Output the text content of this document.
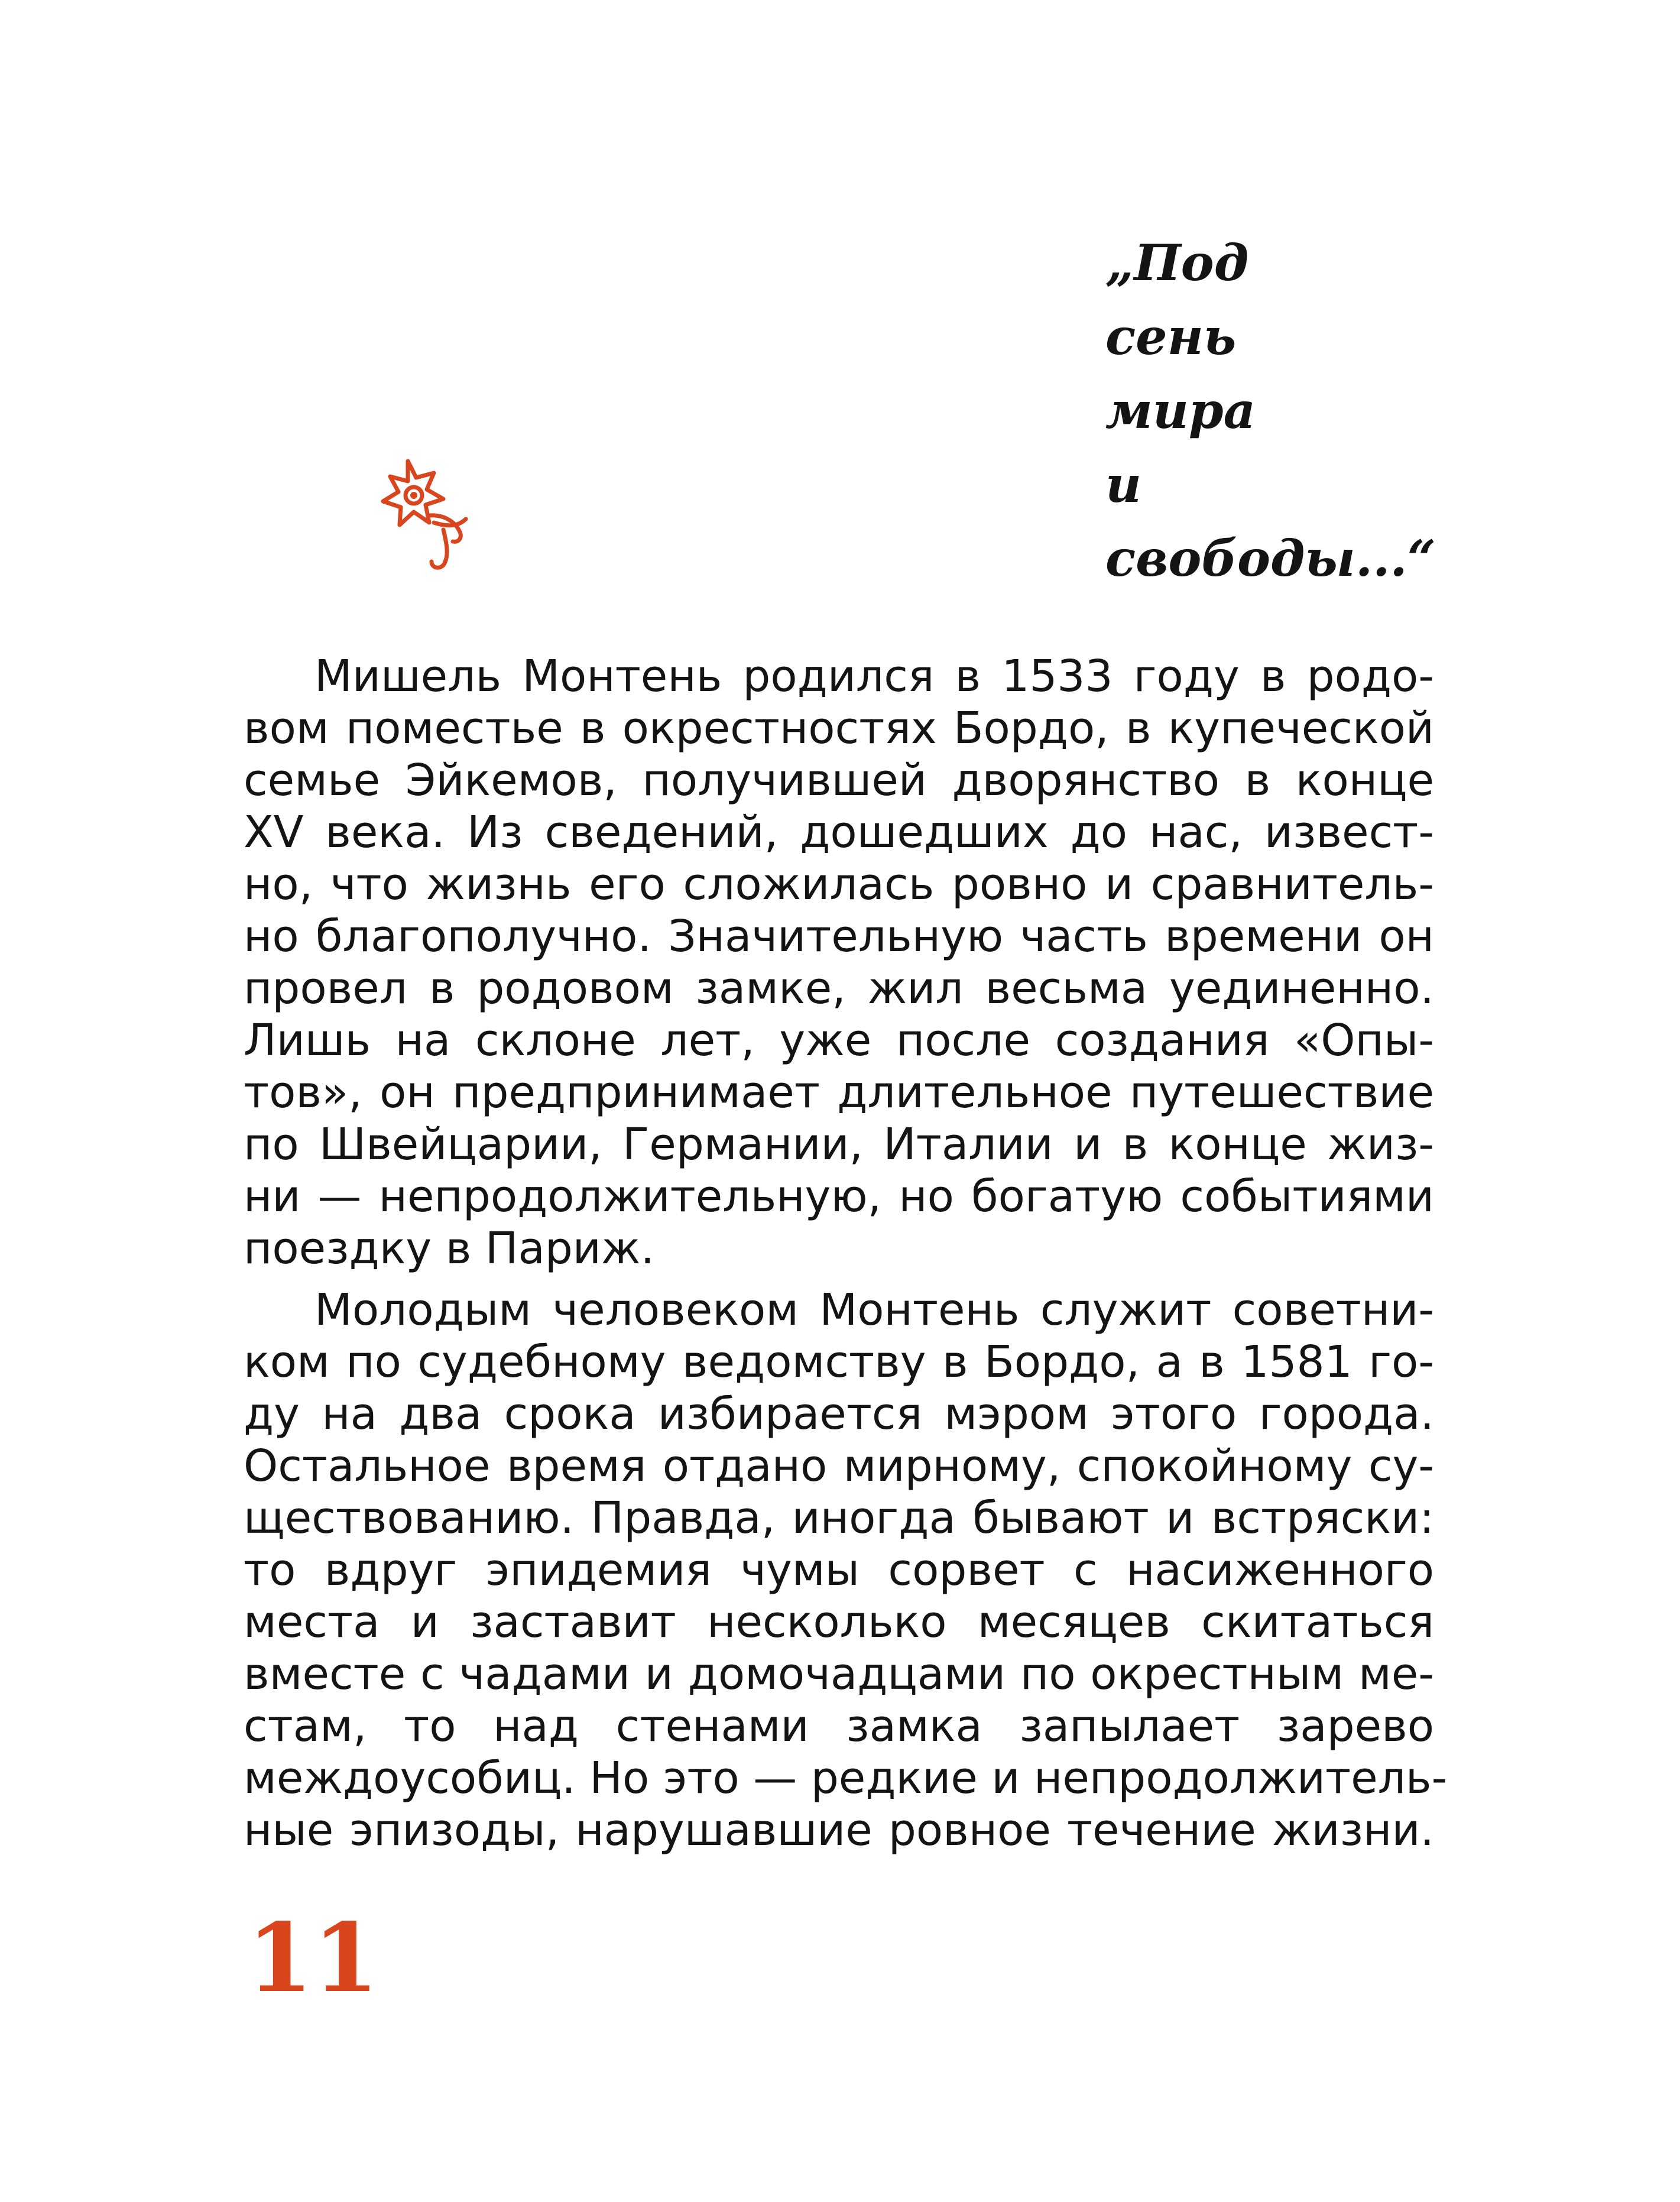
„Под
сень
мира
и
свободы...“
Мишель Монтень родился в 1533 году в родо-
вом поместье в окрестностях Бордо, в купеческой
семье Эйкемов, получившей дворянство в конце
XV века. Из сведений, дошедших до нас, извест-
но, что жизнь его сложилась ровно и сравнитель-
но благополучно. Значительную часть времени он
провел в родовом замке, жил весьма уединенно.
Лишь на склоне лет, уже после создания «Опы-
тов», он предпринимает длительное путешествие
по Швейцарии, Германии, Италии и в конце жиз-
ни — непродолжительную, но богатую событиями
поездку в Париж.
Молодым человеком Монтень служит советни-
ком по судебному ведомству в Бордо, а в 1581 го-
ду на два срока избирается мэром этого города.
Остальное время отдано мирному, спокойному су-
ществованию. Правда, иногда бывают и встряски:
то вдруг эпидемия чумы сорвет с насиженного
места и заставит несколько месяцев скитаться
вместе с чадами и домочадцами по окрестным ме-
стам, то над стенами замка запылает зарево
междоусобиц. Но это — редкие и непродолжитель-
ные эпизоды, нарушавшие ровное течение жизни.
11
